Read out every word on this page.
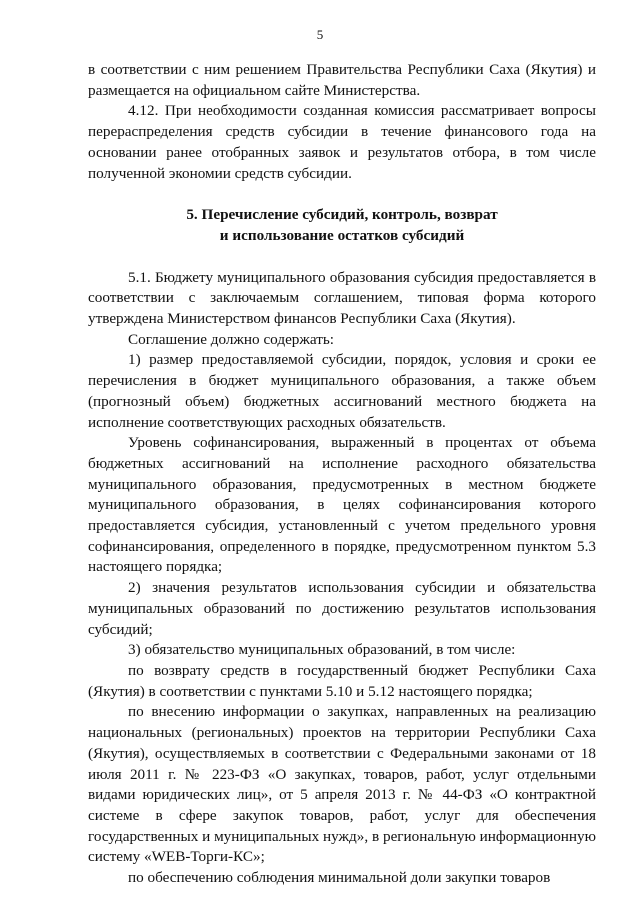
5

в соответствии с ним решением Правительства Республики Саха (Якутия) и размещается на официальном сайте Министерства.

4.12. При необходимости созданная комиссия рассматривает вопросы перераспределения средств субсидии в течение финансового года на основании ранее отобранных заявок и результатов отбора, в том числе полученной экономии средств субсидии.

5. Перечисление субсидий, контроль, возврат
и использование остатков субсидий

5.1. Бюджету муниципального образования субсидия предоставляется в соответствии с заключаемым соглашением, типовая форма которого утверждена Министерством финансов Республики Саха (Якутия).

Соглашение должно содержать:

1) размер предоставляемой субсидии, порядок, условия и сроки ее перечисления в бюджет муниципального образования, а также объем (прогнозный объем) бюджетных ассигнований местного бюджета на исполнение соответствующих расходных обязательств.

Уровень софинансирования, выраженный в процентах от объема бюджетных ассигнований на исполнение расходного обязательства муниципального образования, предусмотренных в местном бюджете муниципального образования, в целях софинансирования которого предоставляется субсидия, установленный с учетом предельного уровня софинансирования, определенного в порядке, предусмотренном пунктом 5.3 настоящего порядка;

2) значения результатов использования субсидии и обязательства муниципальных образований по достижению результатов использования субсидий;

3) обязательство муниципальных образований, в том числе:

по возврату средств в государственный бюджет Республики Саха (Якутия) в соответствии с пунктами 5.10 и 5.12 настоящего порядка;

по внесению информации о закупках, направленных на реализацию национальных (региональных) проектов на территории Республики Саха (Якутия), осуществляемых в соответствии с Федеральными законами от 18 июля 2011 г. № 223-ФЗ «О закупках, товаров, работ, услуг отдельными видами юридических лиц», от 5 апреля 2013 г. № 44-ФЗ «О контрактной системе в сфере закупок товаров, работ, услуг для обеспечения государственных и муниципальных нужд», в региональную информационную систему «WEB-Торги-КС»;

по обеспечению соблюдения минимальной доли закупки товаров
